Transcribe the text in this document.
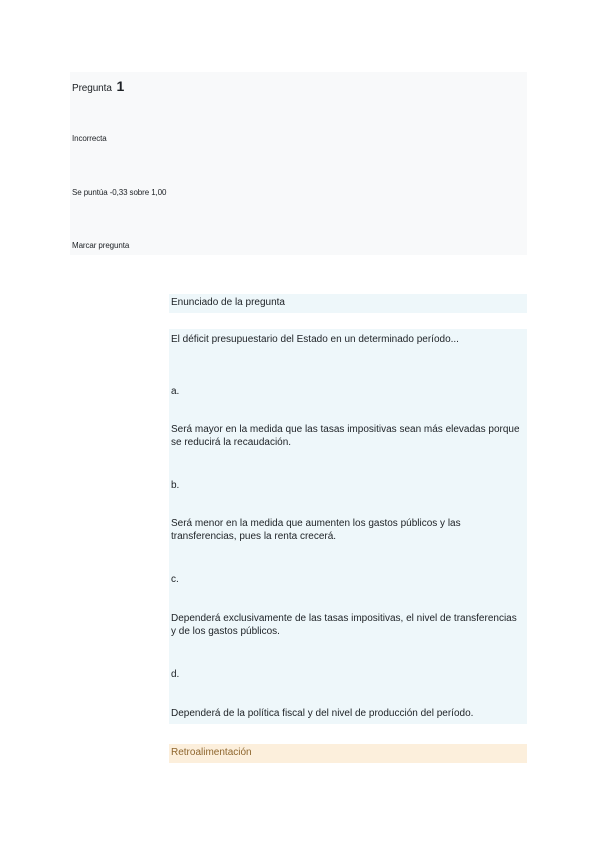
Pregunta 1
Incorrecta
Se puntúa -0,33 sobre 1,00
Marcar pregunta
Enunciado de la pregunta
El déficit presupuestario del Estado en un determinado período...
a.
Será mayor en la medida que las tasas impositivas sean más elevadas porque se reducirá la recaudación.
b.
Será menor en la medida que aumenten los gastos públicos y las transferencias, pues la renta crecerá.
c.
Dependerá exclusivamente de las tasas impositivas, el nivel de transferencias y de los gastos públicos.
d.
Dependerá de la política fiscal y del nivel de producción del período.
Retroalimentación
